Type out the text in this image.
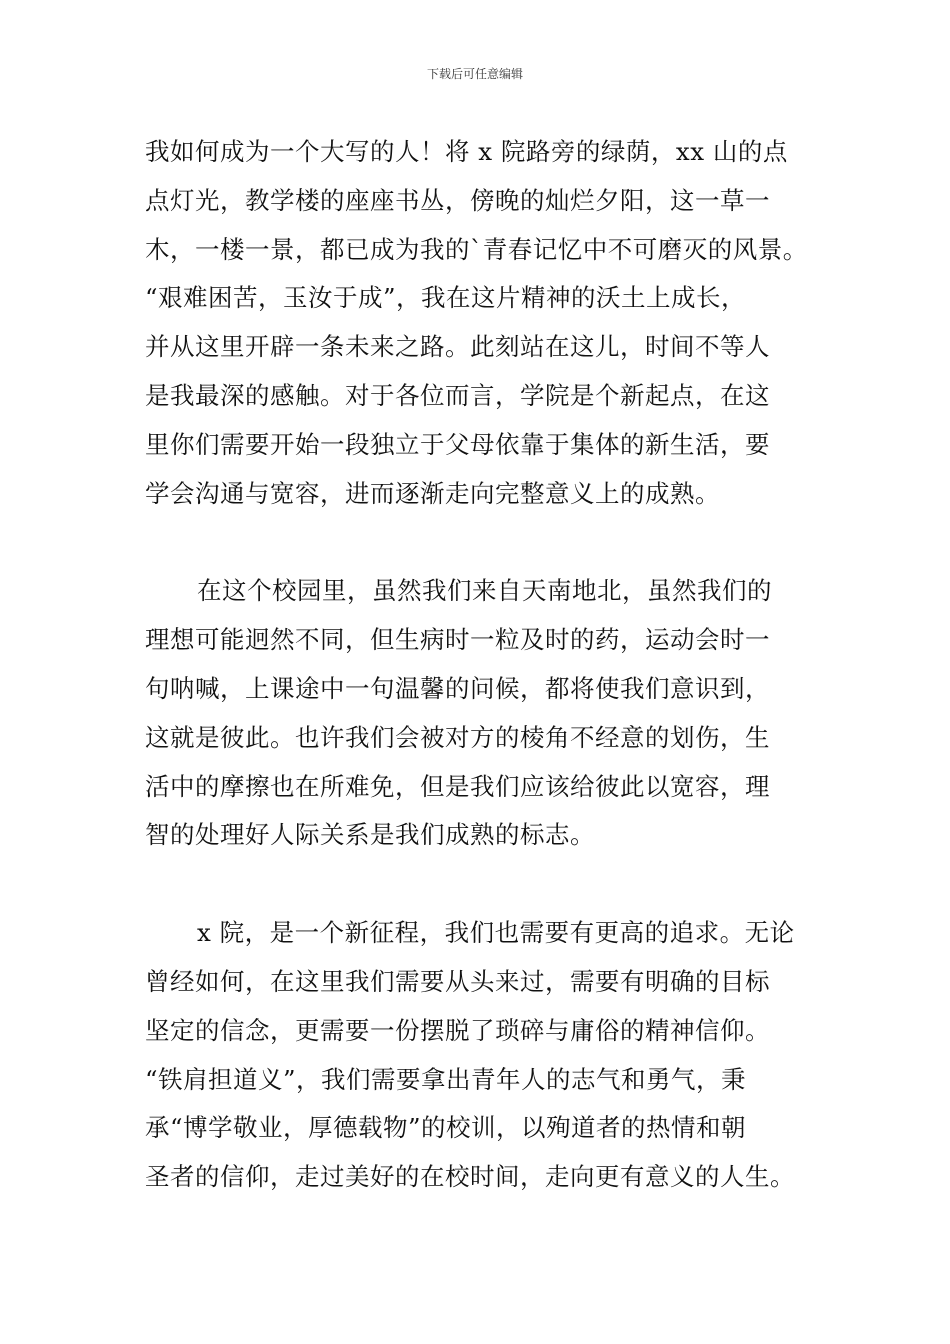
下载后可任意编辑
我如何成为一个大写的人！将 x 院路旁的绿荫，xx 山的点
点灯光，教学楼的座座书丛，傍晚的灿烂夕阳，这一草一
木，一楼一景，都已成为我的`青春记忆中不可磨灭的风景。
“艰难困苦，玉汝于成”，我在这片精神的沃土上成长，
并从这里开辟一条未来之路。此刻站在这儿，时间不等人
是我最深的感触。对于各位而言，学院是个新起点，在这
里你们需要开始一段独立于父母依靠于集体的新生活，要
学会沟通与宽容，进而逐渐走向完整意义上的成熟。
在这个校园里，虽然我们来自天南地北，虽然我们的
理想可能迥然不同，但生病时一粒及时的药，运动会时一
句呐喊，上课途中一句温馨的问候，都将使我们意识到，
这就是彼此。也许我们会被对方的棱角不经意的划伤，生
活中的摩擦也在所难免，但是我们应该给彼此以宽容，理
智的处理好人际关系是我们成熟的标志。
x 院，是一个新征程，我们也需要有更高的追求。无论
曾经如何，在这里我们需要从头来过，需要有明确的目标
坚定的信念，更需要一份摆脱了琐碎与庸俗的精神信仰。
“铁肩担道义”，我们需要拿出青年人的志气和勇气，秉
承“博学敬业，厚德载物”的校训，以殉道者的热情和朝
圣者的信仰，走过美好的在校时间，走向更有意义的人生。
